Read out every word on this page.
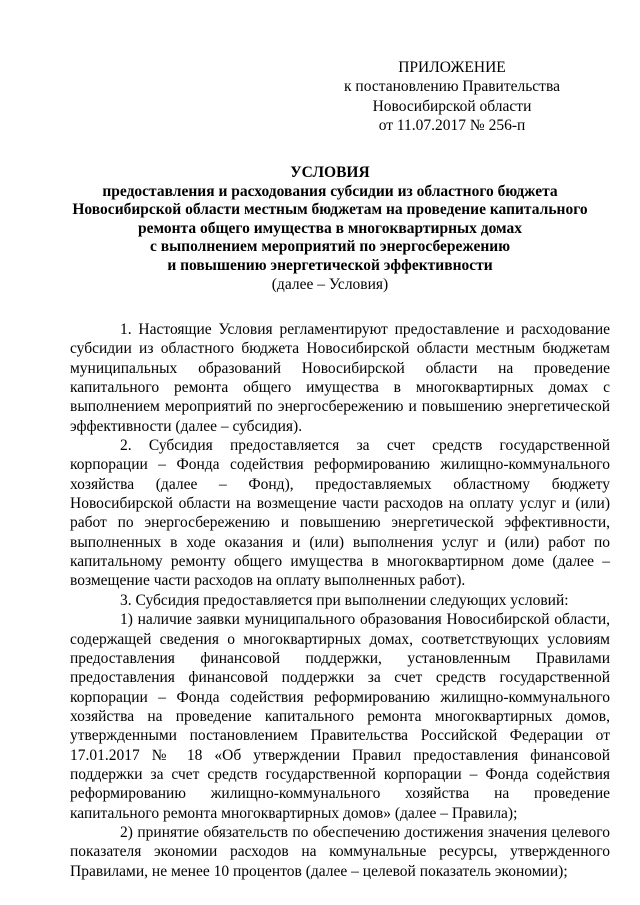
ПРИЛОЖЕНИЕ
к постановлению Правительства
Новосибирской области
от 11.07.2017 № 256-п
УСЛОВИЯ
предоставления и расходования субсидии из областного бюджета
Новосибирской области местным бюджетам на проведение капитального
ремонта общего имущества в многоквартирных домах
с выполнением мероприятий по энергосбережению
и повышению энергетической эффективности
(далее – Условия)

1. Настоящие Условия регламентируют предоставление и расходование субсидии из областного бюджета Новосибирской области местным бюджетам муниципальных образований Новосибирской области на проведение капитального ремонта общего имущества в многоквартирных домах с выполнением мероприятий по энергосбережению и повышению энергетической эффективности (далее – субсидия).

2. Субсидия предоставляется за счет средств государственной корпорации – Фонда содействия реформированию жилищно-коммунального хозяйства (далее – Фонд), предоставляемых областному бюджету Новосибирской области на возмещение части расходов на оплату услуг и (или) работ по энергосбережению и повышению энергетической эффективности, выполненных в ходе оказания и (или) выполнения услуг и (или) работ по капитальному ремонту общего имущества в многоквартирном доме (далее – возмещение части расходов на оплату выполненных работ).

3. Субсидия предоставляется при выполнении следующих условий:

1) наличие заявки муниципального образования Новосибирской области, содержащей сведения о многоквартирных домах, соответствующих условиям предоставления финансовой поддержки, установленным Правилами предоставления финансовой поддержки за счет средств государственной корпорации – Фонда содействия реформированию жилищно-коммунального хозяйства на проведение капитального ремонта многоквартирных домов, утвержденными постановлением Правительства Российской Федерации от 17.01.2017 № 18 «Об утверждении Правил предоставления финансовой поддержки за счет средств государственной корпорации – Фонда содействия реформированию жилищно-коммунального хозяйства на проведение капитального ремонта многоквартирных домов» (далее – Правила);

2) принятие обязательств по обеспечению достижения значения целевого показателя экономии расходов на коммунальные ресурсы, утвержденного Правилами, не менее 10 процентов (далее – целевой показатель экономии);
